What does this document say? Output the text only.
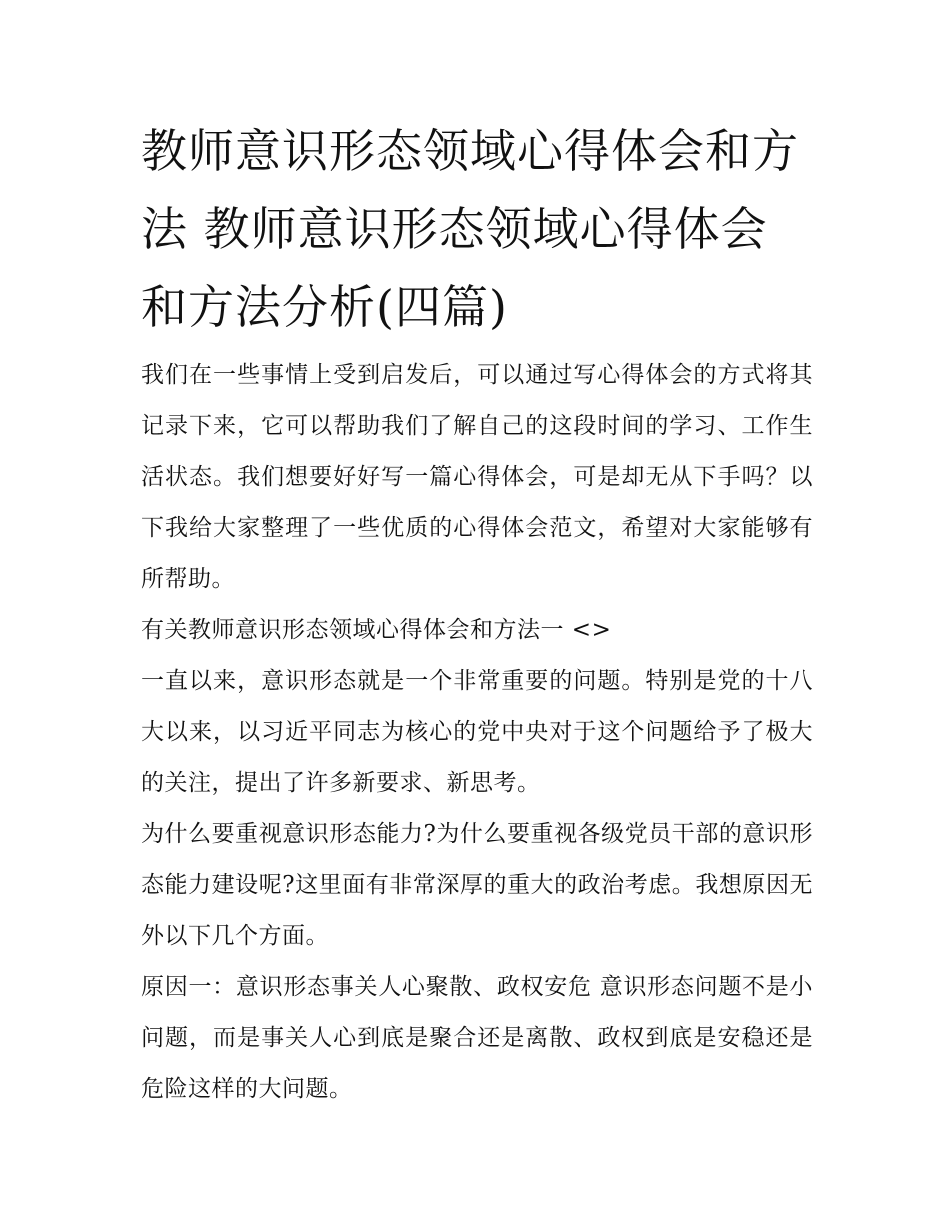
教师意识形态领域心得体会和方法 教师意识形态领域心得体会和方法分析(四篇)

我们在一些事情上受到启发后，可以通过写心得体会的方式将其记录下来，它可以帮助我们了解自己的这段时间的学习、工作生活状态。我们想要好好写一篇心得体会，可是却无从下手吗？以下我给大家整理了一些优质的心得体会范文，希望对大家能够有所帮助。

有关教师意识形态领域心得体会和方法一 <>

一直以来，意识形态就是一个非常重要的问题。特别是党的十八大以来，以习近平同志为核心的党中央对于这个问题给予了极大的关注，提出了许多新要求、新思考。

为什么要重视意识形态能力?为什么要重视各级党员干部的意识形态能力建设呢?这里面有非常深厚的重大的政治考虑。我想原因无外以下几个方面。

原因一：意识形态事关人心聚散、政权安危 意识形态问题不是小问题，而是事关人心到底是聚合还是离散、政权到底是安稳还是危险这样的大问题。
